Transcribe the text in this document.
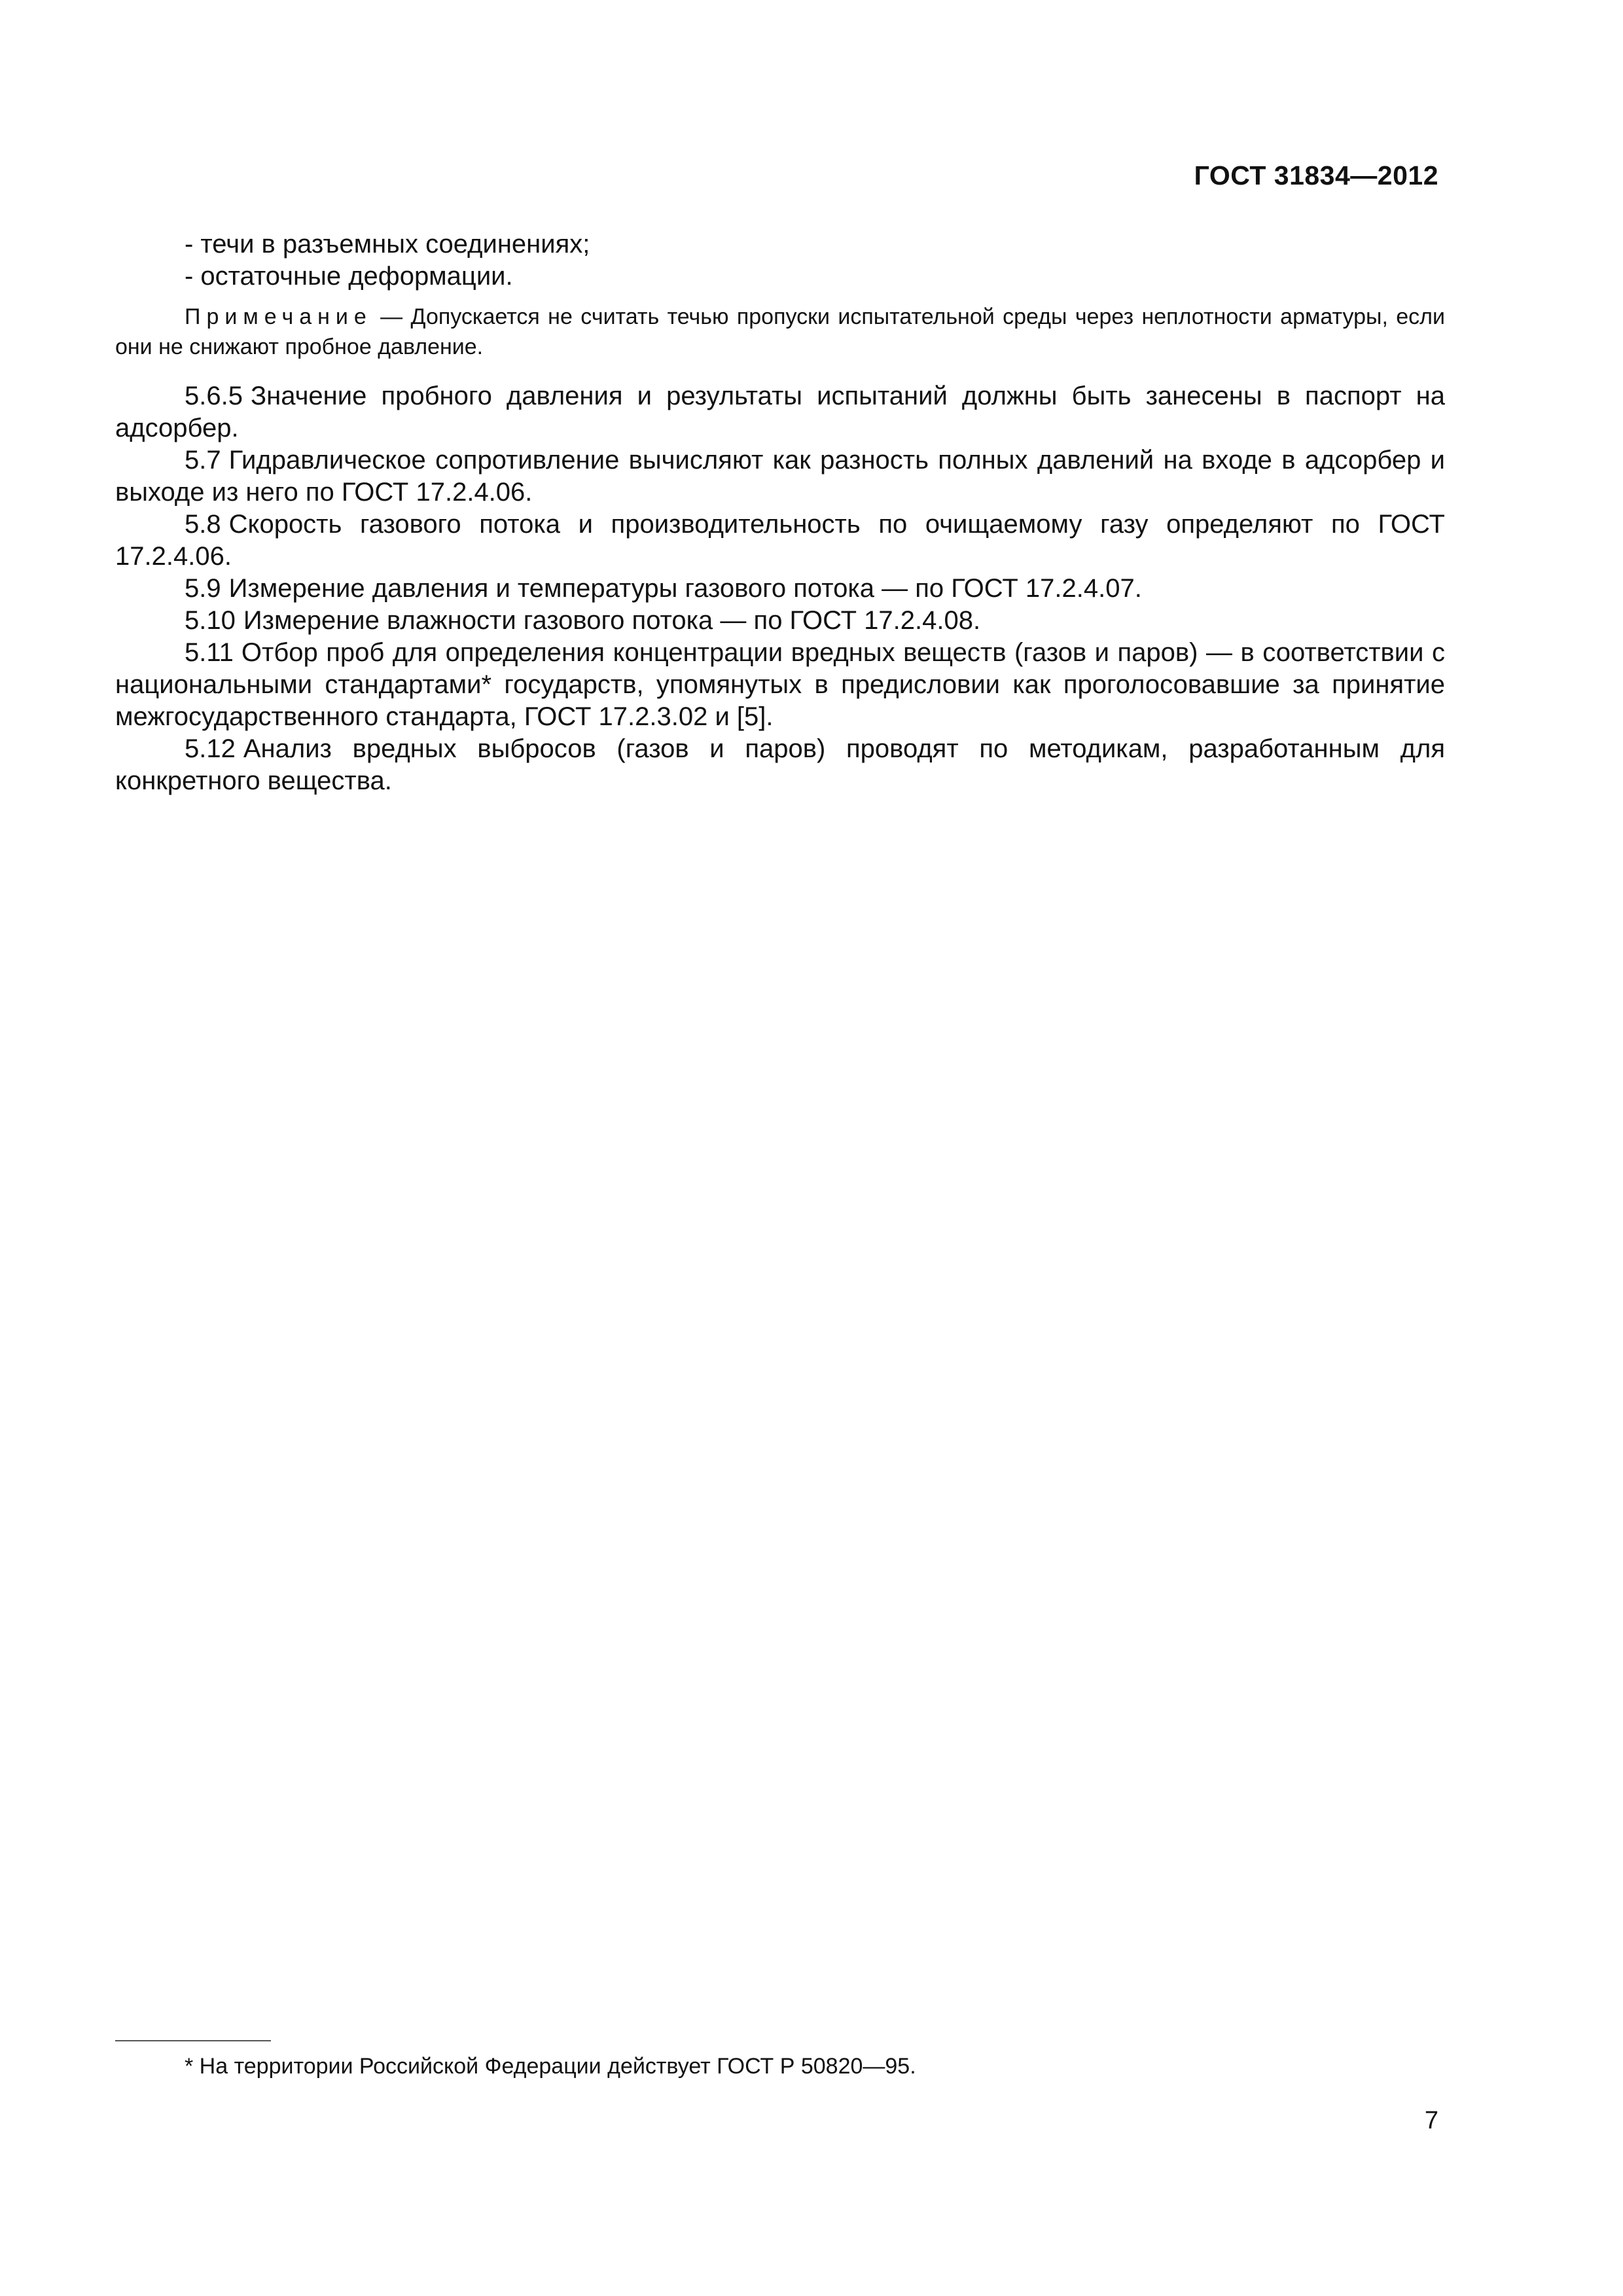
ГОСТ 31834—2012

- течи в разъемных соединениях;

- остаточные деформации.

Примечание — Допускается не считать течью пропуски испытательной среды через неплотности арматуры, если они не снижают пробное давление.

5.6.5 Значение пробного давления и результаты испытаний должны быть занесены в паспорт на адсорбер.

5.7 Гидравлическое сопротивление вычисляют как разность полных давлений на входе в адсорбер и выходе из него по ГОСТ 17.2.4.06.

5.8 Скорость газового потока и производительность по очищаемому газу определяют по ГОСТ 17.2.4.06.

5.9 Измерение давления и температуры газового потока — по ГОСТ 17.2.4.07.

5.10 Измерение влажности газового потока — по ГОСТ 17.2.4.08.

5.11 Отбор проб для определения концентрации вредных веществ (газов и паров) — в соответствии с национальными стандартами* государств, упомянутых в предисловии как проголосовавшие за принятие межгосударственного стандарта, ГОСТ 17.2.3.02 и [5].

5.12 Анализ вредных выбросов (газов и паров) проводят по методикам, разработанным для конкретного вещества.

* На территории Российской Федерации действует ГОСТ Р 50820—95.
7
